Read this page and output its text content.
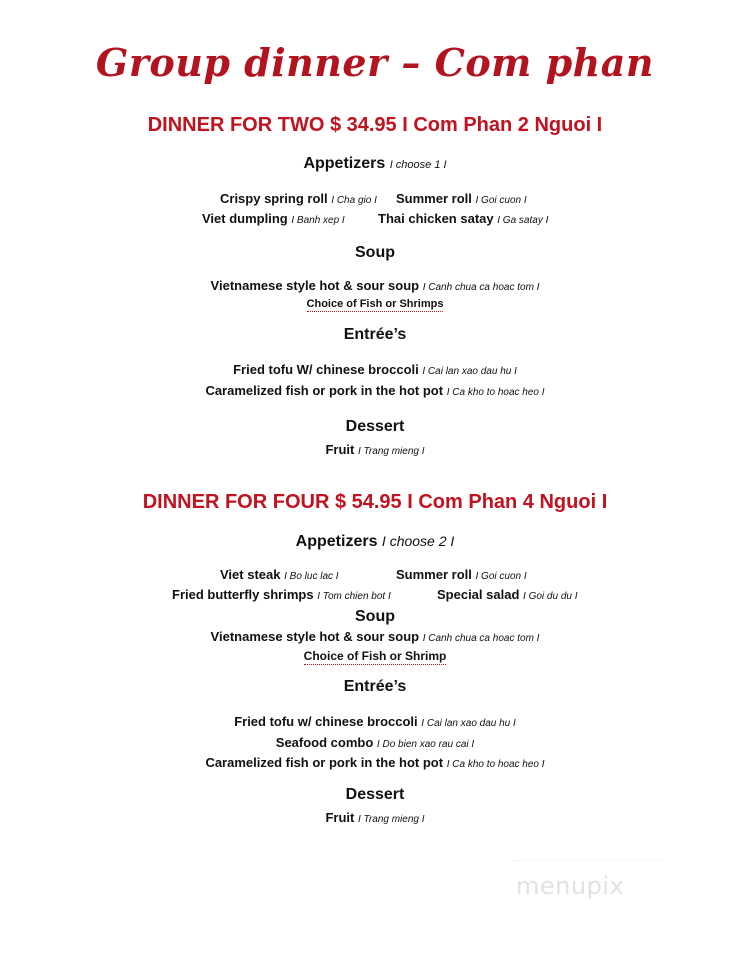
Group dinner – Com phan
DINNER FOR TWO $ 34.95 I Com Phan 2 Nguoi I
Appetizers I choose 1 I
Crispy spring roll I Cha gio I Summer roll I Goi cuon I
Viet dumpling I Banh xep I	Thai chicken satay I Ga satay I
Soup
Vietnamese style hot & sour soup I Canh chua ca hoac tom I
Choice of Fish or Shrimps
Entrée’s
Fried tofu W/ chinese broccoli I Cai lan xao dau hu I
Caramelized fish or pork in the hot pot I Ca kho to hoac heo I
Dessert
Fruit I Trang mieng I
DINNER FOR FOUR $ 54.95 I Com Phan 4 Nguoi I
Appetizers I choose 2 I
Viet steak I Bo luc lac I	Summer roll I Goi cuon I
Fried butterfly shrimps I Tom chien bot I	Special salad I Goi du du I
Soup
Vietnamese style hot & sour soup I Canh chua ca hoac tom I
Choice of Fish or Shrimp
Entrée’s
Fried tofu w/ chinese broccoli I Cai lan xao dau hu I
Seafood combo I Do bien xao rau cai I
Caramelized fish or pork in the hot pot I Ca kho to hoac heo I
Dessert
Fruit I Trang mieng I
menupix
